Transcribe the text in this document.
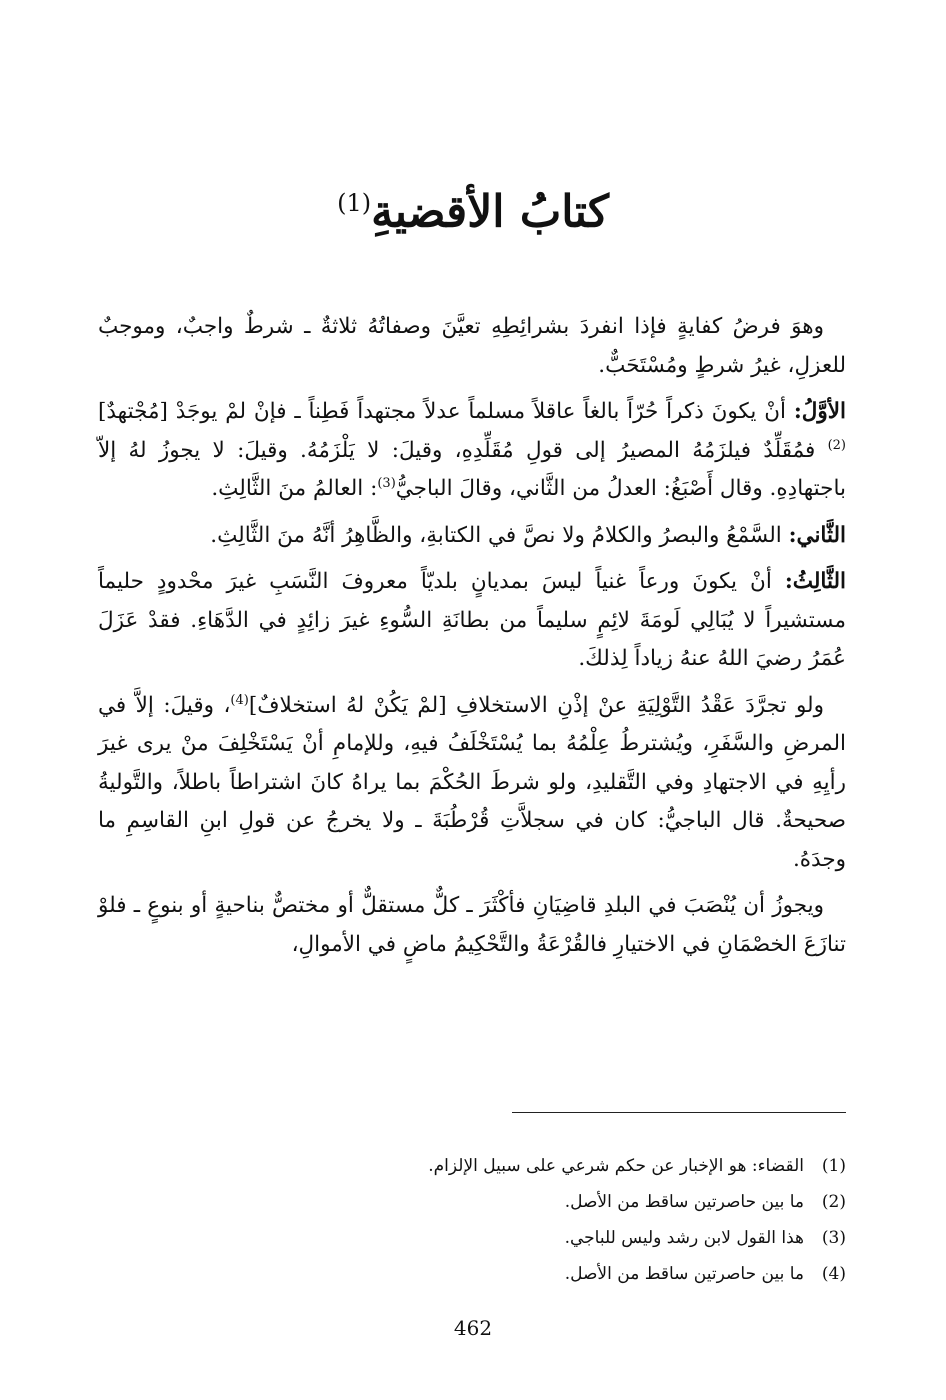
كتابُ الأقضيةِ$^{(1)}$

وهوَ فرضُ كفايةٍ فإذا انفردَ بشرائِطِهِ تعيَّنَ وصفاتُهُ ثلاثةٌ ـ شرطٌ واجبٌ، وموجبٌ للعزلِ، غيرُ شرطٍ ومُسْتَحَبٌّ.

الأوَّلُ: أنْ يكونَ ذكراً حُرّاً بالغاً عاقلاً مسلماً عدلاً مجتهداً فَطِناً ـ فإنْ لمْ يوجَدْ [مُجْتهدٌ]$^{(2)}$ فمُقَلِّدٌ فيلزَمُهُ المصيرُ إلى قولِ مُقَلِّدِهِ، وقيلَ: لا يَلْزَمُهُ. وقيلَ: لا يجوزُ لهُ إلاّ باجتهادِهِ. وقال أَصْبَغُ: العدلُ من الثَّاني، وقالَ الباجيُّ$^{(3)}$: العالمُ منَ الثَّالِثِ.

الثَّاني: السَّمْعُ والبصرُ والكلامُ ولا نصَّ في الكتابةِ، والظَّاهِرُ أنَّهُ منَ الثَّالِثِ.

الثَّالِثُ: أنْ يكونَ ورعاً غنياً ليسَ بمديانٍ بلديّاً معروفَ النَّسَبِ غيرَ محْدودٍ حليماً مستشيراً لا يُبَالِي لَومَةَ لائِمٍ سليماً من بطانَةِ السُّوءِ غيرَ زائِدٍ في الدَّهَاءِ. فقدْ عَزَلَ عُمَرُ رضيَ اللهُ عنهُ زياداً لِذلكَ.

ولو تجرَّدَ عَقْدُ التَّوْلِيَةِ عنْ إذْنِ الاستخلافِ [لمْ يَكُنْ لهُ استخلافٌ]$^{(4)}$، وقيلَ: إلاَّ في المرضِ والسَّفَرِ، ويُشترطُ عِلْمُهُ بما يُسْتَخْلَفُ فيهِ، وللإمامِ أنْ يَسْتَخْلِفَ منْ يرى غيرَ رأيِهِ في الاجتهادِ وفي التَّقليدِ، ولو شرطَ الحُكْمَ بما يراهُ كانَ اشتراطاً باطلاً، والتَّوليةُ صحيحةٌ. قال الباجيُّ: كان في سجلاَّتِ قُرْطُبَةَ ـ ولا يخرجُ عن قولِ ابنِ القاسِمِ ما وجدَهُ.

ويجوزُ أن يُنْصَبَ في البلدِ قاضِيَانِ فأكْثَرَ ـ كلٌّ مستقلٌّ أو مختصٌّ بناحيةٍ أو بنوعٍ ـ فلوْ تنازَعَ الخصْمَانِ في الاختيارِ فالقُرْعَةُ والتَّحْكِيمُ ماضٍ في الأموالِ،

(1)
القضاء: هو الإخبار عن حكم شرعي على سبيل الإلزام.
(2)
ما بين حاصرتين ساقط من الأصل.
(3)
هذا القول لابن رشد وليس للباجي.
(4)
ما بين حاصرتين ساقط من الأصل.
462
